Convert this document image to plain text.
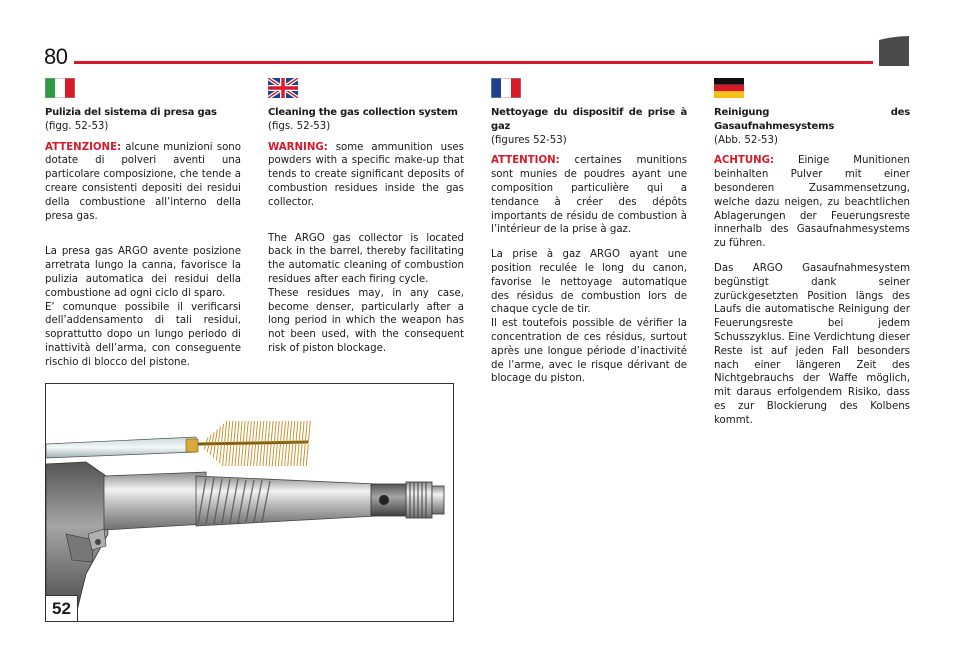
80
Pulizia del sistema di presa gas
(figg. 52-53)

ATTENZIONE: alcune munizioni sono dotate di polveri aventi una particolare composizione, che tende a creare consistenti depositi dei residui della combustione all’interno della presa gas.

La presa gas ARGO avente posizione arretrata lungo la canna, favorisce la pulizia automatica dei residui della combustione ad ogni ciclo di sparo.

E’ comunque possibile il verificarsi dell’addensamento di tali residui, soprattutto dopo un lungo periodo di inattività dell’arma, con conseguente rischio di blocco del pistone.

Cleaning the gas collection system
(figs. 52-53)

WARNING: some ammunition uses powders with a specific make-up that tends to create significant deposits of combustion residues inside the gas collector.

The ARGO gas collector is located back in the barrel, thereby facilitating the automatic cleaning of combustion residues after each firing cycle.

These residues may, in any case, become denser, particularly after a long period in which the weapon has not been used, with the consequent risk of piston blockage.

Nettoyage du dispositif de prise à gaz
(figures 52-53)

ATTENTION: certaines munitions sont munies de poudres ayant une composition particulière qui a tendance à créer des dépôts importants de résidu de combustion à l’intérieur de la prise à gaz.

La prise à gaz ARGO ayant une position reculée le long du canon, favorise le nettoyage automatique des résidus de combustion lors de chaque cycle de tir.

Il est toutefois possible de vérifier la concentration de ces résidus, surtout après une longue période d’inactivité de l’arme, avec le risque dérivant de blocage du piston.

Reinigung des Gasaufnahmesystems
(Abb. 52-53)

ACHTUNG: Einige Munitionen beinhalten Pulver mit einer besonderen Zusammensetzung, welche dazu neigen, zu beachtlichen Ablagerungen der Feuerungsreste innerhalb des Gasaufnahmesystems zu führen.

Das ARGO Gasaufnahmesystem begünstigt dank seiner zurückgesetzten Position längs des Laufs die automatische Reinigung der Feuerungsreste bei jedem Schusszyklus. Eine Verdichtung dieser Reste ist auf jeden Fall besonders nach einer längeren Zeit des Nichtgebrauchs der Waffe möglich, mit daraus erfolgendem Risiko, dass es zur Blockierung des Kolbens kommt.

52
